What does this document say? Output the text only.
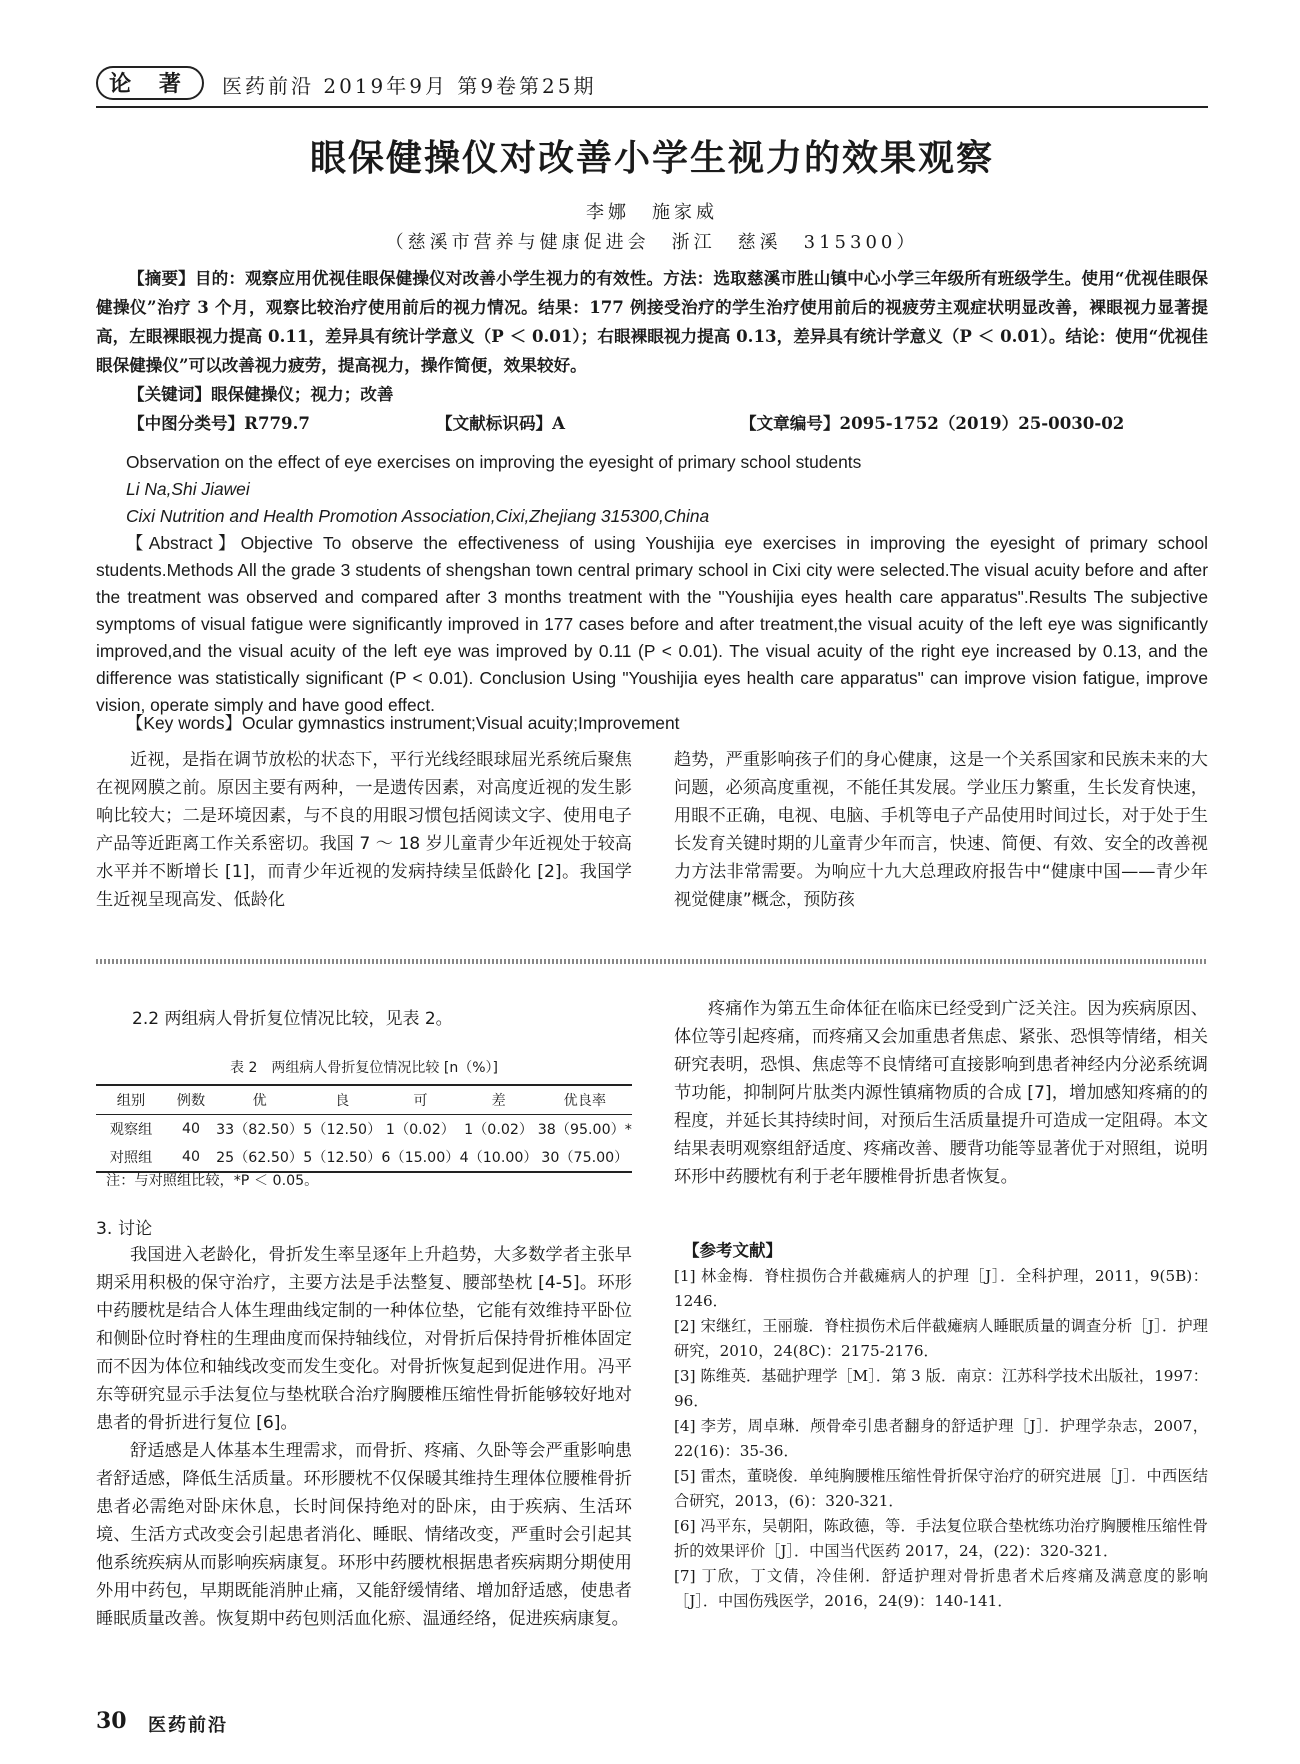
论 著	医药前沿 2019年9月 第9卷第25期
眼保健操仪对改善小学生视力的效果观察
李娜　施家威
（慈溪市营养与健康促进会　浙江　慈溪　315300）
【摘要】目的：观察应用优视佳眼保健操仪对改善小学生视力的有效性。方法：选取慈溪市胜山镇中心小学三年级所有班级学生。使用“优视佳眼保健操仪”治疗 3 个月，观察比较治疗使用前后的视力情况。结果：177 例接受治疗的学生治疗使用前后的视疲劳主观症状明显改善，裸眼视力显著提高，左眼裸眼视力提高 0.11，差异具有统计学意义（P ＜ 0.01）；右眼裸眼视力提高 0.13，差异具有统计学意义（P ＜ 0.01）。结论：使用“优视佳眼保健操仪”可以改善视力疲劳，提高视力，操作简便，效果较好。
【关键词】眼保健操仪；视力；改善
【中图分类号】R779.7	【文献标识码】A	【文章编号】2095-1752（2019）25-0030-02
Observation on the effect of eye exercises on improving the eyesight of primary school students
Li Na,Shi Jiawei
Cixi Nutrition and Health Promotion Association,Cixi,Zhejiang 315300,China
【Abstract】Objective To observe the effectiveness of using Youshijia eye exercises in improving the eyesight of primary school students.Methods All the grade 3 students of shengshan town central primary school in Cixi city were selected.The visual acuity before and after the treatment was observed and compared after 3 months treatment with the "Youshijia eyes health care apparatus".Results The subjective symptoms of visual fatigue were significantly improved in 177 cases before and after treatment,the visual acuity of the left eye was significantly improved,and the visual acuity of the left eye was improved by 0.11 (P < 0.01). The visual acuity of the right eye increased by 0.13, and the difference was statistically significant (P < 0.01). Conclusion Using "Youshijia eyes health care apparatus" can improve vision fatigue, improve vision, operate simply and have good effect.
【Key words】Ocular gymnastics instrument;Visual acuity;Improvement
近视，是指在调节放松的状态下，平行光线经眼球屈光系统后聚焦在视网膜之前。原因主要有两种，一是遗传因素，对高度近视的发生影响比较大；二是环境因素，与不良的用眼习惯包括阅读文字、使用电子产品等近距离工作关系密切。我国 7 ～ 18 岁儿童青少年近视处于较高水平并不断增长 [1]，而青少年近视的发病持续呈低龄化 [2]。我国学生近视呈现高发、低龄化
趋势，严重影响孩子们的身心健康，这是一个关系国家和民族未来的大问题，必须高度重视，不能任其发展。学业压力繁重，生长发育快速，用眼不正确，电视、电脑、手机等电子产品使用时间过长，对于处于生长发育关键时期的儿童青少年而言，快速、简便、有效、安全的改善视力方法非常需要。为响应十九大总理政府报告中“健康中国——青少年视觉健康”概念，预防孩
2.2 两组病人骨折复位情况比较，见表 2。
表 2　两组病人骨折复位情况比较 [n（%）]
组别	例数	优	良	可	差	优良率
观察组	40	33（82.50）	5（12.50）	1（0.02）	1（0.02）	38（95.00）*
对照组	40	25（62.50）	5（12.50）	6（15.00）	4（10.00）	30（75.00）
注：与对照组比较，*P ＜ 0.05。
3. 讨论
我国进入老龄化，骨折发生率呈逐年上升趋势，大多数学者主张早期采用积极的保守治疗，主要方法是手法整复、腰部垫枕 [4-5]。环形中药腰枕是结合人体生理曲线定制的一种体位垫，它能有效维持平卧位和侧卧位时脊柱的生理曲度而保持轴线位，对骨折后保持骨折椎体固定而不因为体位和轴线改变而发生变化。对骨折恢复起到促进作用。冯平东等研究显示手法复位与垫枕联合治疗胸腰椎压缩性骨折能够较好地对患者的骨折进行复位 [6]。
舒适感是人体基本生理需求，而骨折、疼痛、久卧等会严重影响患者舒适感，降低生活质量。环形腰枕不仅保暖其维持生理体位腰椎骨折患者必需绝对卧床休息，长时间保持绝对的卧床，由于疾病、生活环境、生活方式改变会引起患者消化、睡眠、情绪改变，严重时会引起其他系统疾病从而影响疾病康复。环形中药腰枕根据患者疾病期分期使用外用中药包，早期既能消肿止痛，又能舒缓情绪、增加舒适感，使患者睡眠质量改善。恢复期中药包则活血化瘀、温通经络，促进疾病康复。
疼痛作为第五生命体征在临床已经受到广泛关注。因为疾病原因、体位等引起疼痛，而疼痛又会加重患者焦虑、紧张、恐惧等情绪，相关研究表明，恐惧、焦虑等不良情绪可直接影响到患者神经内分泌系统调节功能，抑制阿片肽类内源性镇痛物质的合成 [7]，增加感知疼痛的的程度，并延长其持续时间，对预后生活质量提升可造成一定阻碍。本文结果表明观察组舒适度、疼痛改善、腰背功能等显著优于对照组，说明环形中药腰枕有利于老年腰椎骨折患者恢复。
【参考文献】
[1] 林金梅．脊柱损伤合并截瘫病人的护理［J］．全科护理，2011，9(5B)：1246．
[2] 宋继红，王丽璇．脊柱损伤术后伴截瘫病人睡眠质量的调查分析［J］．护理研究，2010，24(8C)：2175-2176．
[3] 陈维英．基础护理学［M］．第 3 版．南京：江苏科学技术出版社，1997：96．
[4] 李芳，周卓琳．颅骨牵引患者翻身的舒适护理［J］．护理学杂志，2007，22(16)：35-36．
[5] 雷杰，董晓俊．单纯胸腰椎压缩性骨折保守治疗的研究进展［J］．中西医结合研究，2013，(6)：320-321．
[6] 冯平东，吴朝阳，陈政德，等．手法复位联合垫枕练功治疗胸腰椎压缩性骨折的效果评价［J］．中国当代医药 2017，24，(22)：320-321．
[7] 丁欣，丁文倩，冷佳俐．舒适护理对骨折患者术后疼痛及满意度的影响［J］．中国伤残医学，2016，24(9)：140-141．
30 医药前沿
